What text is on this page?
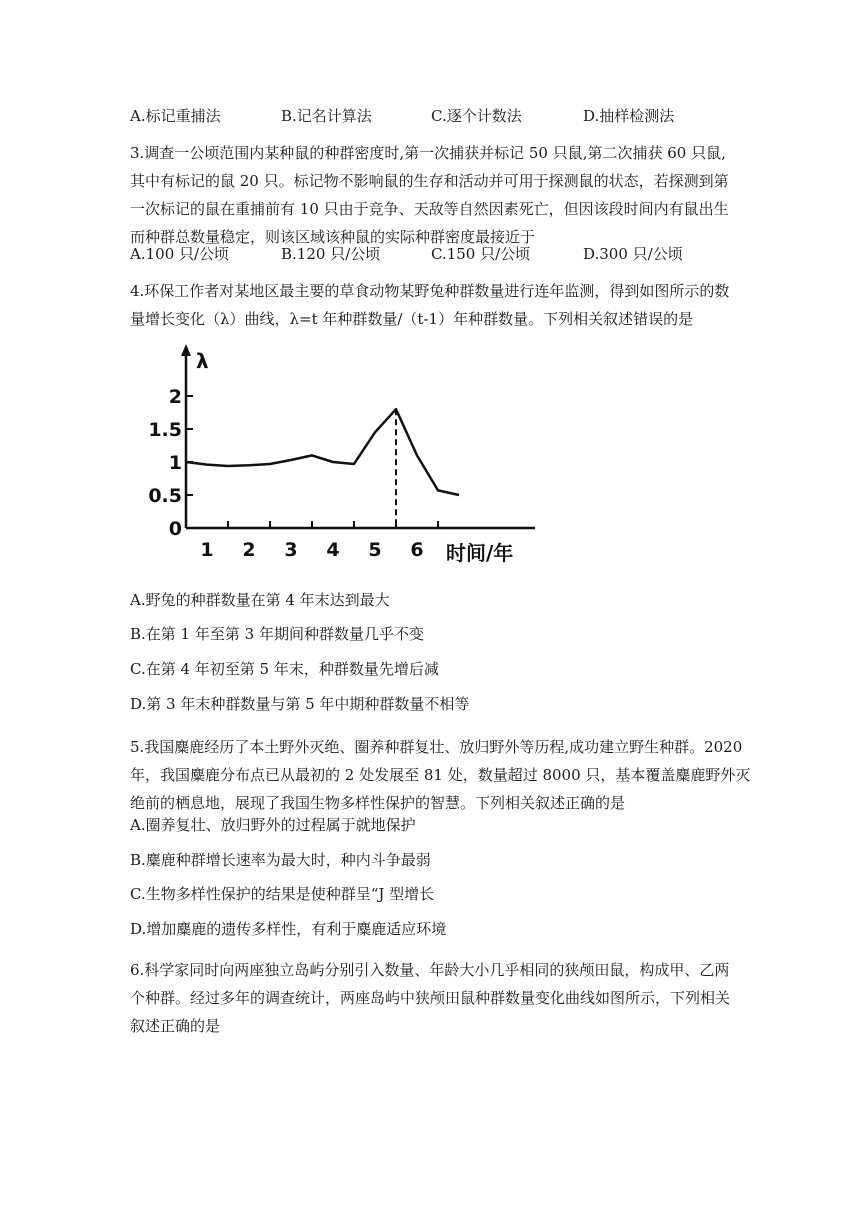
A.标记重捕法	B.记名计算法	C.逐个计数法	D.抽样检测法
3.调查一公顷范围内某种鼠的种群密度时,第一次捕获并标记 50 只鼠,第二次捕获 60 只鼠,
其中有标记的鼠 20 只。标记物不影响鼠的生存和活动并可用于探测鼠的状态，若探测到第
一次标记的鼠在重捕前有 10 只由于竞争、天敌等自然因素死亡，但因该段时间内有鼠出生
而种群总数量稳定，则该区域该种鼠的实际种群密度最接近于
A.100 只/公顷	B.120 只/公顷	C.150 只/公顷	D.300 只/公顷
4.环保工作者对某地区最主要的草食动物某野兔种群数量进行连年监测，得到如图所示的数
量增长变化（λ）曲线，λ=t 年种群数量/（t-1）年种群数量。下列相关叙述错误的是
1 2 3 4 5 6
0
0.5
1
1.5
2
λ
时间/年
A.野兔的种群数量在第 4 年末达到最大
B.在第 1 年至第 3 年期间种群数量几乎不变
C.在第 4 年初至第 5 年末，种群数量先增后减
D.第 3 年末种群数量与第 5 年中期种群数量不相等
5.我国麋鹿经历了本土野外灭绝、圈养种群复壮、放归野外等历程,成功建立野生种群。2020
年，我国麋鹿分布点已从最初的 2 处发展至 81 处，数量超过 8000 只，基本覆盖麋鹿野外灭
绝前的栖息地，展现了我国生物多样性保护的智慧。下列相关叙述正确的是
A.圈养复壮、放归野外的过程属于就地保护
B.麋鹿种群增长速率为最大时，种内斗争最弱
C.生物多样性保护的结果是使种群呈“J 型增长
D.增加麋鹿的遗传多样性，有利于麋鹿适应环境
6.科学家同时向两座独立岛屿分别引入数量、年龄大小几乎相同的狭颅田鼠，构成甲、乙两
个种群。经过多年的调查统计，两座岛屿中狭颅田鼠种群数量变化曲线如图所示，下列相关
叙述正确的是
